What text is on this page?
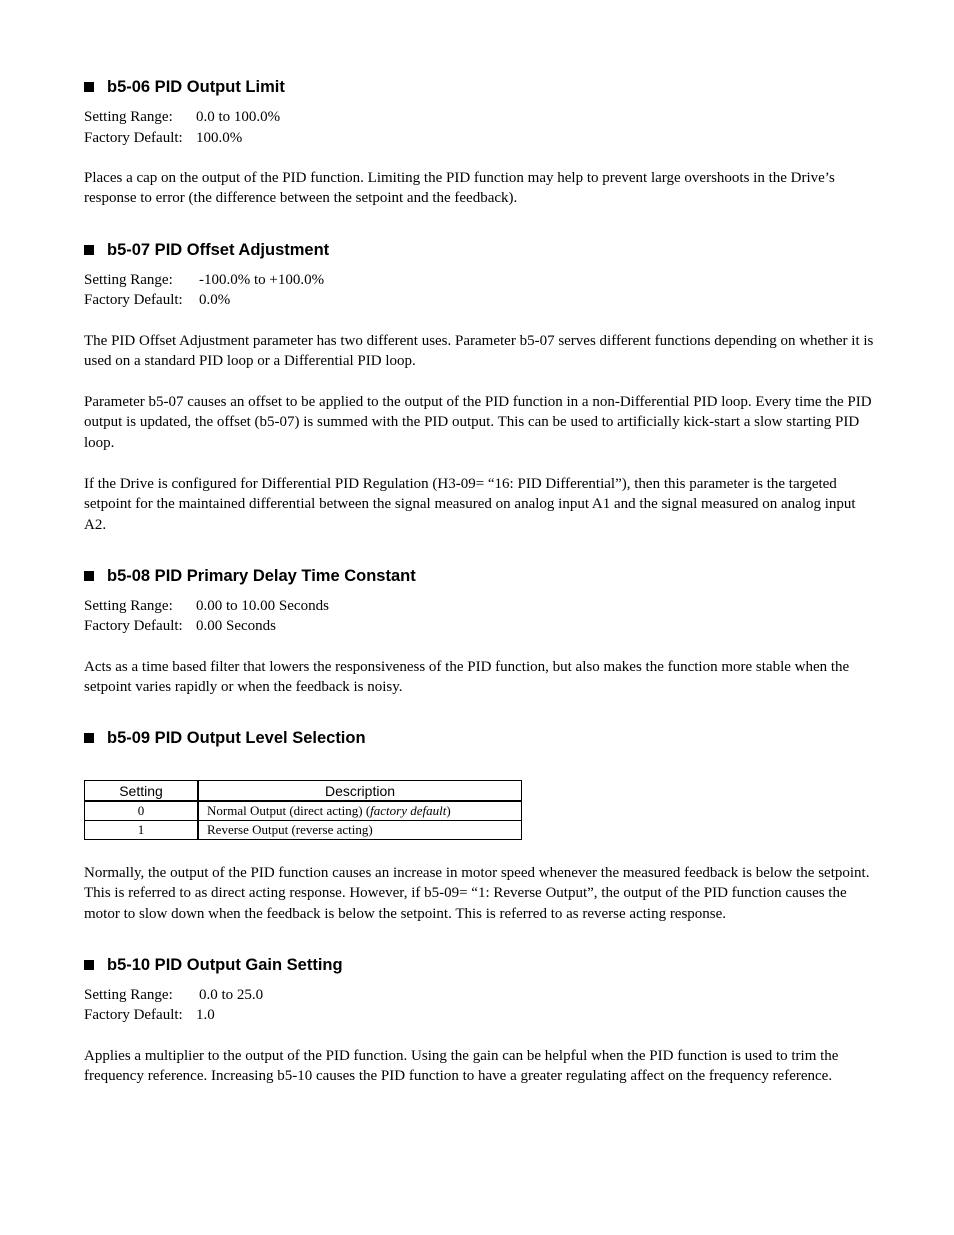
b5-06 PID Output Limit
Setting Range: 0.0 to 100.0%
Factory Default: 100.0%
Places a cap on the output of the PID function. Limiting the PID function may help to prevent large overshoots in the Drive’s response to error (the difference between the setpoint and the feedback).
b5-07 PID Offset Adjustment
Setting Range: -100.0% to +100.0%
Factory Default: 0.0%
The PID Offset Adjustment parameter has two different uses. Parameter b5-07 serves different functions depending on whether it is used on a standard PID loop or a Differential PID loop.
Parameter b5-07 causes an offset to be applied to the output of the PID function in a non-Differential PID loop. Every time the PID output is updated, the offset (b5-07) is summed with the PID output. This can be used to artificially kick-start a slow starting PID loop.
If the Drive is configured for Differential PID Regulation (H3-09= “16: PID Differential”), then this parameter is the targeted setpoint for the maintained differential between the signal measured on analog input A1 and the signal measured on analog input A2.
b5-08 PID Primary Delay Time Constant
Setting Range: 0.00 to 10.00 Seconds
Factory Default: 0.00 Seconds
Acts as a time based filter that lowers the responsiveness of the PID function, but also makes the function more stable when the setpoint varies rapidly or when the feedback is noisy.
b5-09 PID Output Level Selection
Setting	Description
0	Normal Output (direct acting) (factory default)
1	Reverse Output (reverse acting)
Normally, the output of the PID function causes an increase in motor speed whenever the measured feedback is below the setpoint. This is referred to as direct acting response. However, if b5-09= “1: Reverse Output”, the output of the PID function causes the motor to slow down when the feedback is below the setpoint. This is referred to as reverse acting response.
b5-10 PID Output Gain Setting
Setting Range: 0.0 to 25.0
Factory Default: 1.0
Applies a multiplier to the output of the PID function. Using the gain can be helpful when the PID function is used to trim the frequency reference. Increasing b5-10 causes the PID function to have a greater regulating affect on the frequency reference.
